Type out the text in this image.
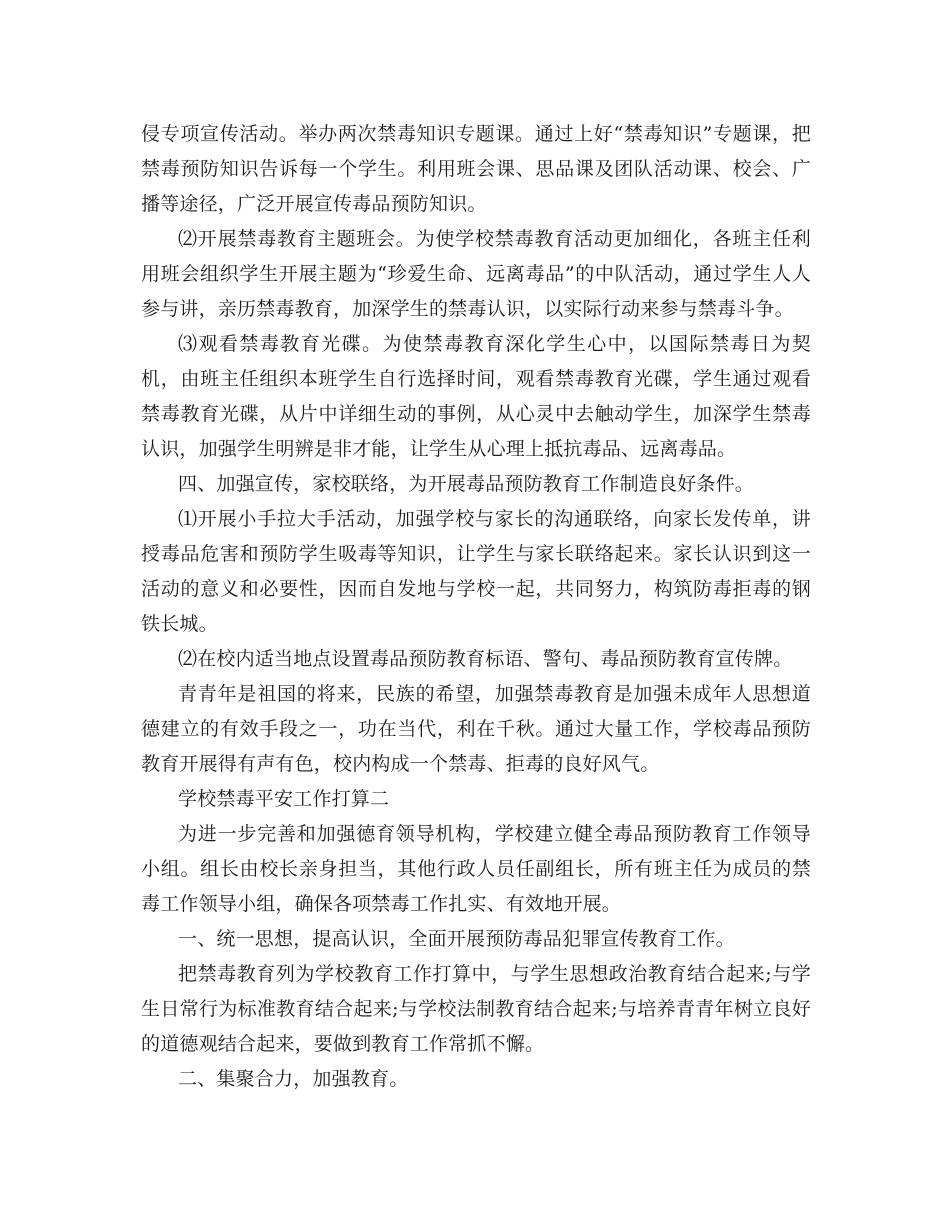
侵专项宣传活动。举办两次禁毒知识专题课。通过上好“禁毒知识”专题课，把禁毒预防知识告诉每一个学生。利用班会课、思品课及团队活动课、校会、广播等途径，广泛开展宣传毒品预防知识。

⑵开展禁毒教育主题班会。为使学校禁毒教育活动更加细化，各班主任利用班会组织学生开展主题为“珍爱生命、远离毒品”的中队活动，通过学生人人参与讲，亲历禁毒教育，加深学生的禁毒认识，以实际行动来参与禁毒斗争。

⑶观看禁毒教育光碟。为使禁毒教育深化学生心中，以国际禁毒日为契机，由班主任组织本班学生自行选择时间，观看禁毒教育光碟，学生通过观看禁毒教育光碟，从片中详细生动的事例，从心灵中去触动学生，加深学生禁毒认识，加强学生明辨是非才能，让学生从心理上抵抗毒品、远离毒品。

四、加强宣传，家校联络，为开展毒品预防教育工作制造良好条件。

⑴开展小手拉大手活动，加强学校与家长的沟通联络，向家长发传单，讲授毒品危害和预防学生吸毒等知识，让学生与家长联络起来。家长认识到这一活动的意义和必要性，因而自发地与学校一起，共同努力，构筑防毒拒毒的钢铁长城。

⑵在校内适当地点设置毒品预防教育标语、警句、毒品预防教育宣传牌。

青青年是祖国的将来，民族的希望，加强禁毒教育是加强未成年人思想道德建立的有效手段之一，功在当代，利在千秋。通过大量工作，学校毒品预防教育开展得有声有色，校内构成一个禁毒、拒毒的良好风气。

学校禁毒平安工作打算二

为进一步完善和加强德育领导机构，学校建立健全毒品预防教育工作领导小组。组长由校长亲身担当，其他行政人员任副组长，所有班主任为成员的禁毒工作领导小组，确保各项禁毒工作扎实、有效地开展。

一、统一思想，提高认识，全面开展预防毒品犯罪宣传教育工作。

把禁毒教育列为学校教育工作打算中，与学生思想政治教育结合起来;与学生日常行为标准教育结合起来;与学校法制教育结合起来;与培养青青年树立良好的道德观结合起来，要做到教育工作常抓不懈。

二、集聚合力，加强教育。
